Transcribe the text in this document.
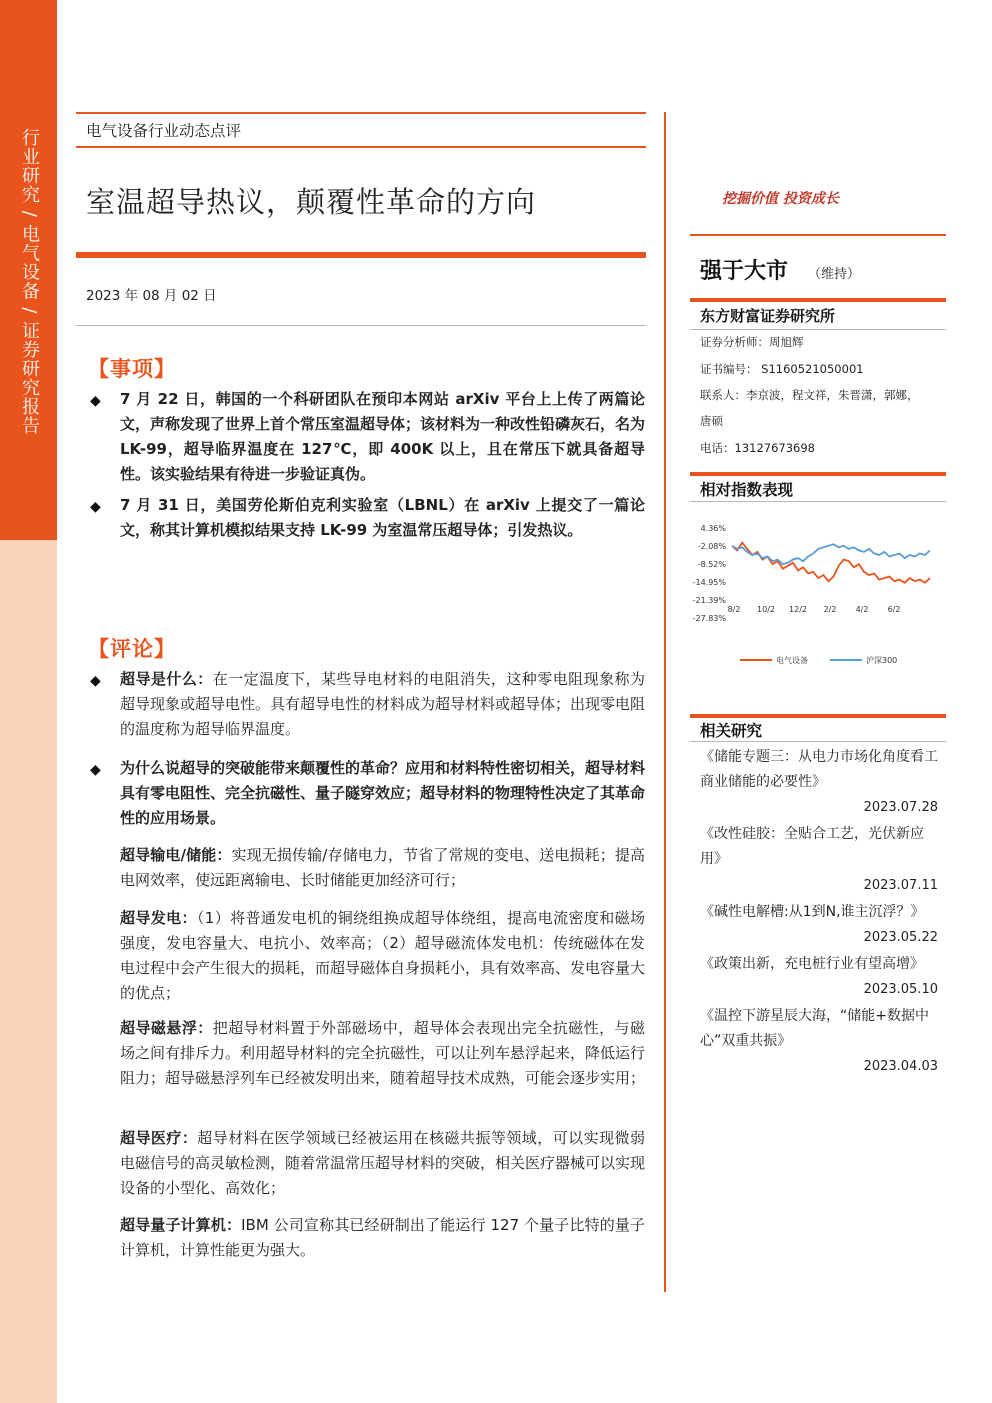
行业研究 / 电气设备 / 证券研究报告	电气设备行业动态点评
室温超导热议，颠覆性革命的方向
2023 年 08 月 02 日
【事项】
◆ 7 月 22 日，韩国的一个科研团队在预印本网站 arXiv 平台上上传了两篇论文，声称发现了世界上首个常压室温超导体；该材料为一种改性铅磷灰石，名为 LK-99，超导临界温度在 127℃，即 400K 以上，且在常压下就具备超导性。该实验结果有待进一步验证真伪。
◆ 7 月 31 日，美国劳伦斯伯克利实验室（LBNL）在 arXiv 上提交了一篇论文，称其计算机模拟结果支持 LK-99 为室温常压超导体；引发热议。
【评论】
◆ 超导是什么：在一定温度下，某些导电材料的电阻消失，这种零电阻现象称为超导现象或超导电性。具有超导电性的材料成为超导材料或超导体；出现零电阻的温度称为超导临界温度。
◆ 为什么说超导的突破能带来颠覆性的革命？应用和材料特性密切相关，超导材料具有零电阻性、完全抗磁性、量子隧穿效应；超导材料的物理特性决定了其革命性的应用场景。
超导输电/储能：实现无损传输/存储电力，节省了常规的变电、送电损耗；提高电网效率，使远距离输电、长时储能更加经济可行；
超导发电：（1）将普通发电机的铜绕组换成超导体绕组，提高电流密度和磁场强度，发电容量大、电抗小、效率高；（2）超导磁流体发电机：传统磁体在发电过程中会产生很大的损耗，而超导磁体自身损耗小，具有效率高、发电容量大的优点；
超导磁悬浮：把超导材料置于外部磁场中，超导体会表现出完全抗磁性，与磁场之间有排斥力。利用超导材料的完全抗磁性，可以让列车悬浮起来，降低运行阻力；超导磁悬浮列车已经被发明出来，随着超导技术成熟，可能会逐步实用；
超导医疗：超导材料在医学领域已经被运用在核磁共振等领域，可以实现微弱电磁信号的高灵敏检测，随着常温常压超导材料的突破，相关医疗器械可以实现设备的小型化、高效化；
超导量子计算机：IBM 公司宣称其已经研制出了能运行 127 个量子比特的量子计算机，计算性能更为强大。
挖掘价值 投资成长
强于大市 （维持）
东方财富证券研究所
证券分析师：周旭辉
证书编号： S1160521050001
联系人：李京波，程文祥，朱晋潇，郭娜，
唐硕
电话：13127673698
相对指数表现
4.36%
-2.08%
-8.52%
-14.95%
-21.39%
-27.83%
8/2 10/2 12/2 2/2 4/2 6/2
电气设备	沪深300
相关研究
《储能专题三：从电力市场化角度看工商业储能的必要性》
2023.07.28
《改性硅胶：全贴合工艺，光伏新应用》
2023.07.11
《碱性电解槽:从1到N,谁主沉浮？》
2023.05.22
《政策出新，充电桩行业有望高增》
2023.05.10
《温控下游星辰大海，“储能+数据中心”双重共振》
2023.04.03
